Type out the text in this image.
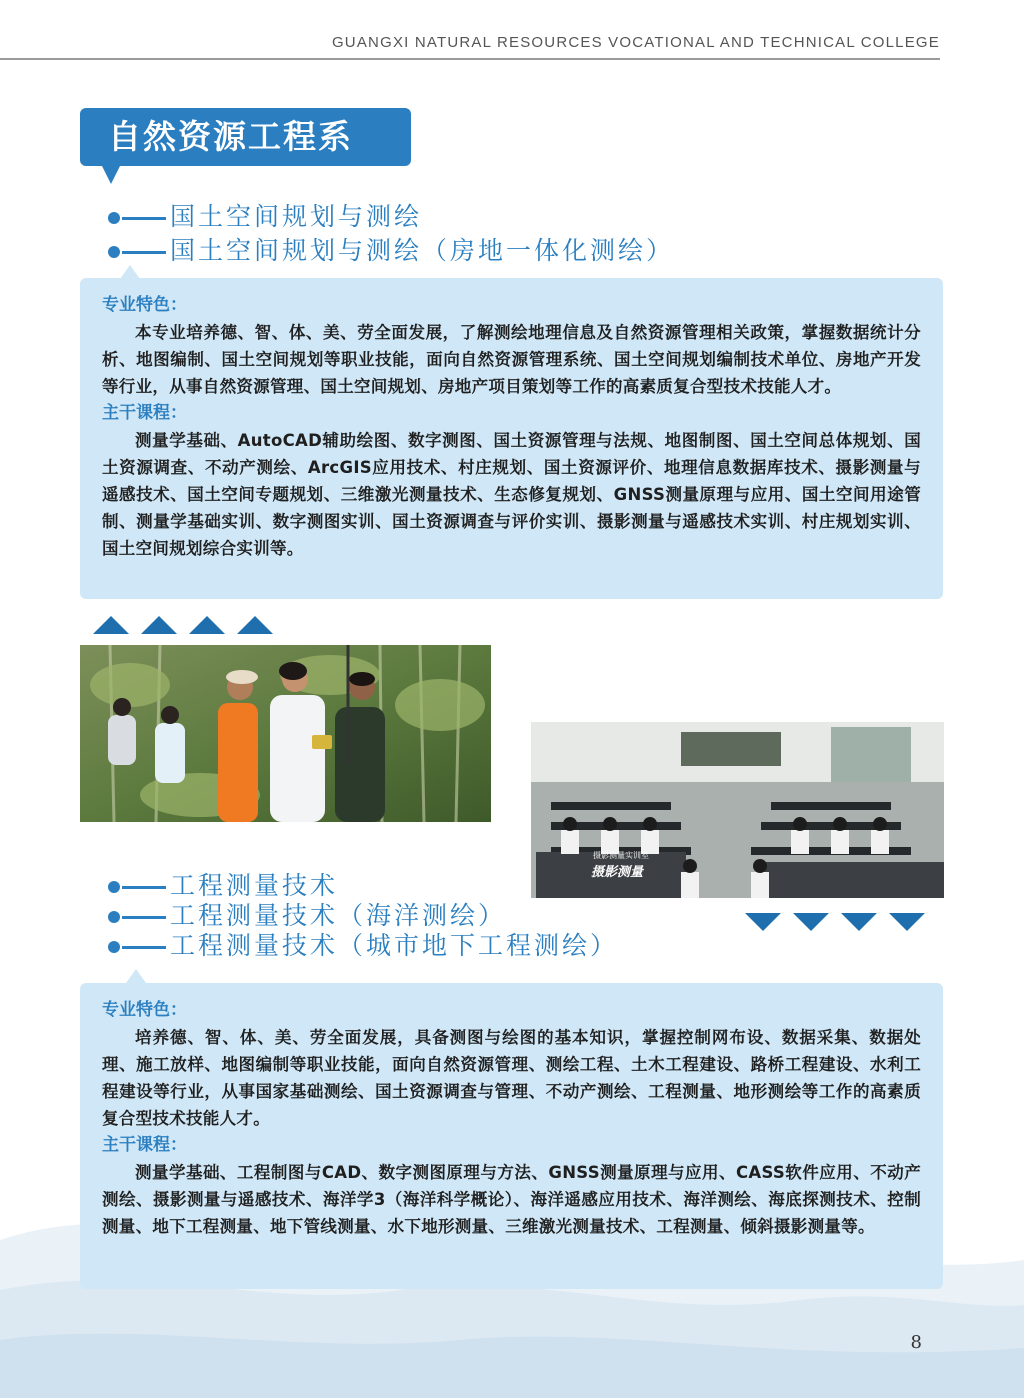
GUANGXI NATURAL RESOURCES VOCATIONAL AND TECHNICAL COLLEGE
自然资源工程系
国土空间规划与测绘
国土空间规划与测绘（房地一体化测绘）
专业特色：
本专业培养德、智、体、美、劳全面发展，了解测绘地理信息及自然资源管理相关政策，掌握数据统计分析、地图编制、国土空间规划等职业技能，面向自然资源管理系统、国土空间规划编制技术单位、房地产开发等行业，从事自然资源管理、国土空间规划、房地产项目策划等工作的高素质复合型技术技能人才。
主干课程：
测量学基础、AutoCAD辅助绘图、数字测图、国土资源管理与法规、地图制图、国土空间总体规划、国土资源调查、不动产测绘、ArcGIS应用技术、村庄规划、国土资源评价、地理信息数据库技术、摄影测量与遥感技术、国土空间专题规划、三维激光测量技术、生态修复规划、GNSS测量原理与应用、国土空间用途管制、测量学基础实训、数字测图实训、国土资源调查与评价实训、摄影测量与遥感技术实训、村庄规划实训、国土空间规划综合实训等。
摄影测量实训室
摄影测量
工程测量技术
工程测量技术（海洋测绘）
工程测量技术（城市地下工程测绘）
专业特色：
培养德、智、体、美、劳全面发展，具备测图与绘图的基本知识，掌握控制网布设、数据采集、数据处理、施工放样、地图编制等职业技能，面向自然资源管理、测绘工程、土木工程建设、路桥工程建设、水利工程建设等行业，从事国家基础测绘、国土资源调查与管理、不动产测绘、工程测量、地形测绘等工作的高素质复合型技术技能人才。
主干课程：
测量学基础、工程制图与CAD、数字测图原理与方法、GNSS测量原理与应用、CASS软件应用、不动产测绘、摄影测量与遥感技术、海洋学3（海洋科学概论）、海洋遥感应用技术、海洋测绘、海底探测技术、控制测量、地下工程测量、地下管线测量、水下地形测量、三维激光测量技术、工程测量、倾斜摄影测量等。
8
